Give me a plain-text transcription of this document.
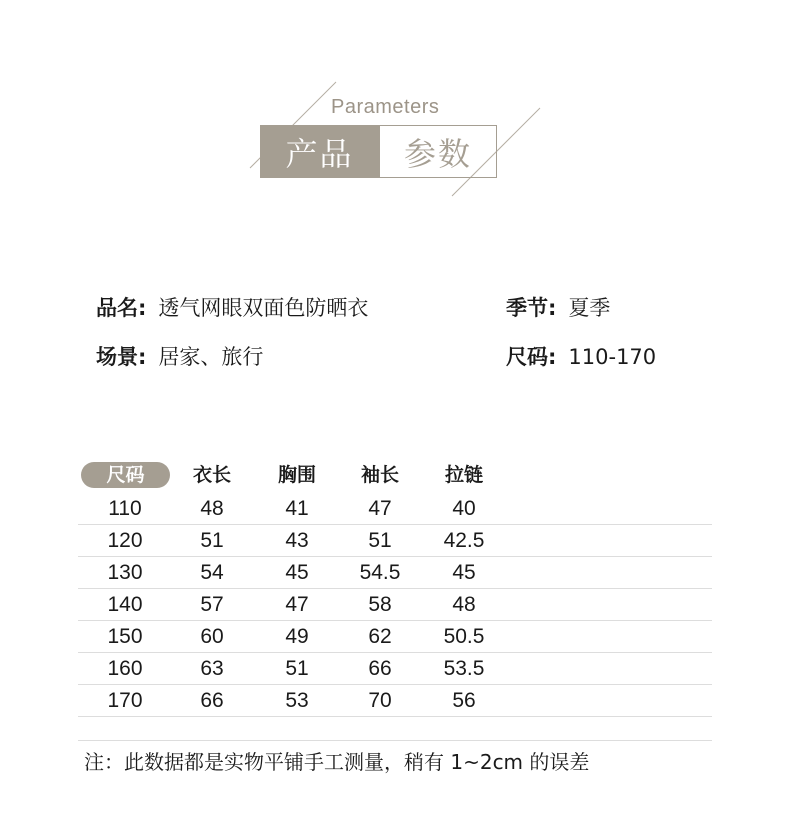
Parameters
产品	参数
品名: 透气网眼双面色防晒衣	季节: 夏季
场景: 居家、旅行	尺码: 110-170
尺码	衣长	胸围	袖长	拉链
110	48	41	47	40
120	51	43	51	42.5
130	54	45	54.5	45
140	57	47	58	48
150	60	49	62	50.5
160	63	51	66	53.5
170	66	53	70	56
注：此数据都是实物平铺手工测量，稍有 1~2cm 的误差
